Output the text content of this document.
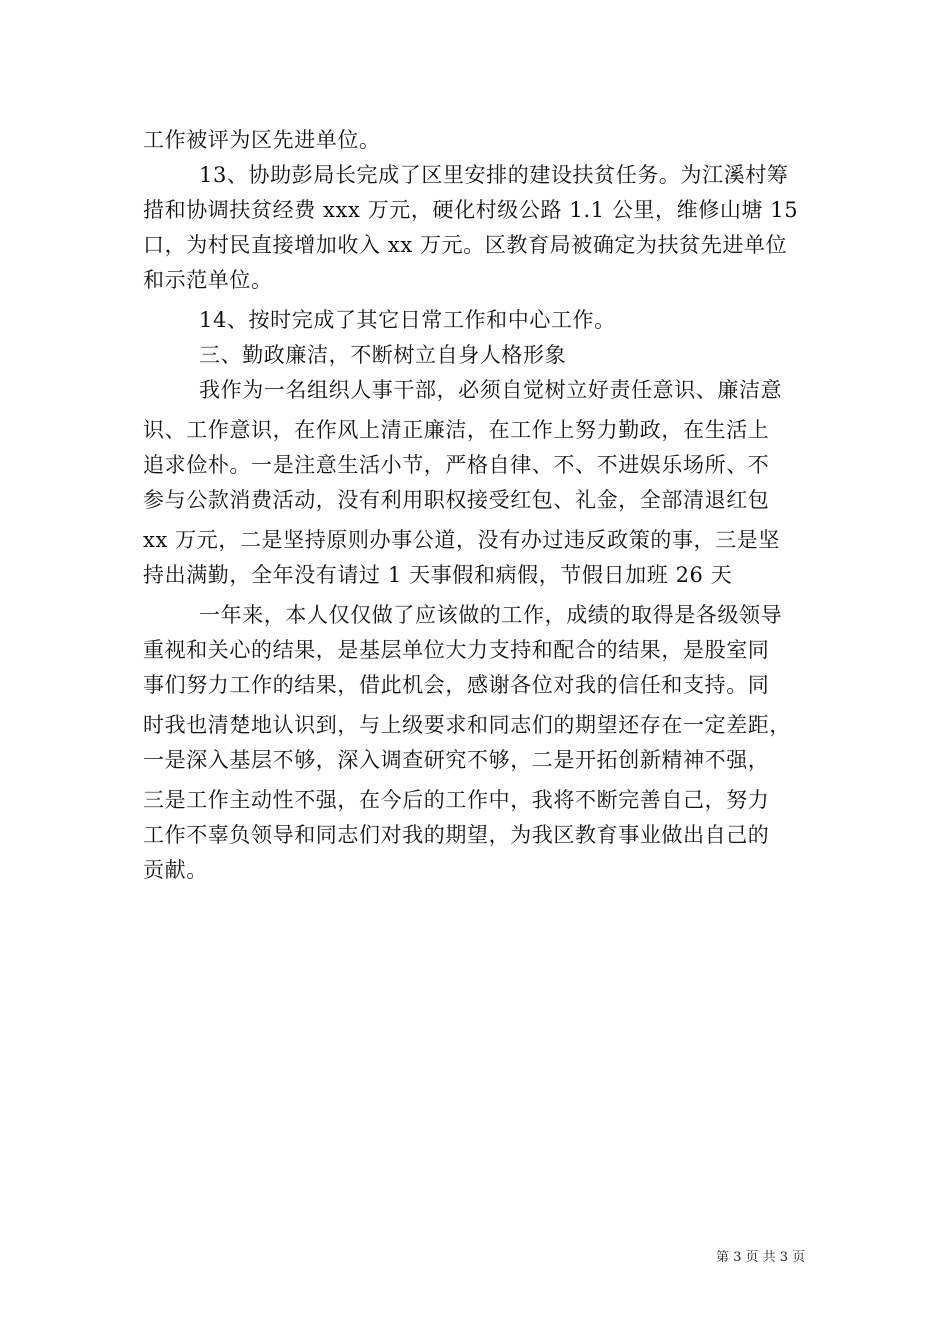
工作被评为区先进单位。
13、协助彭局长完成了区里安排的建设扶贫任务。为江溪村筹
措和协调扶贫经费 xxx 万元，硬化村级公路 1.1 公里，维修山塘 15
口，为村民直接增加收入 xx 万元。区教育局被确定为扶贫先进单位
和示范单位。
14、按时完成了其它日常工作和中心工作。
三、勤政廉洁，不断树立自身人格形象
我作为一名组织人事干部，必须自觉树立好责任意识、廉洁意
识、工作意识，在作风上清正廉洁，在工作上努力勤政，在生活上
追求俭朴。一是注意生活小节，严格自律、不、不进娱乐场所、不
参与公款消费活动，没有利用职权接受红包、礼金，全部清退红包
xx 万元，二是坚持原则办事公道，没有办过违反政策的事，三是坚
持出满勤，全年没有请过 1 天事假和病假，节假日加班 26 天
一年来，本人仅仅做了应该做的工作，成绩的取得是各级领导
重视和关心的结果，是基层单位大力支持和配合的结果，是股室同
事们努力工作的结果，借此机会，感谢各位对我的信任和支持。同
时我也清楚地认识到，与上级要求和同志们的期望还存在一定差距，
一是深入基层不够，深入调查研究不够，二是开拓创新精神不强，
三是工作主动性不强，在今后的工作中，我将不断完善自己，努力
工作不辜负领导和同志们对我的期望，为我区教育事业做出自己的
贡献。
第 3 页 共 3 页
